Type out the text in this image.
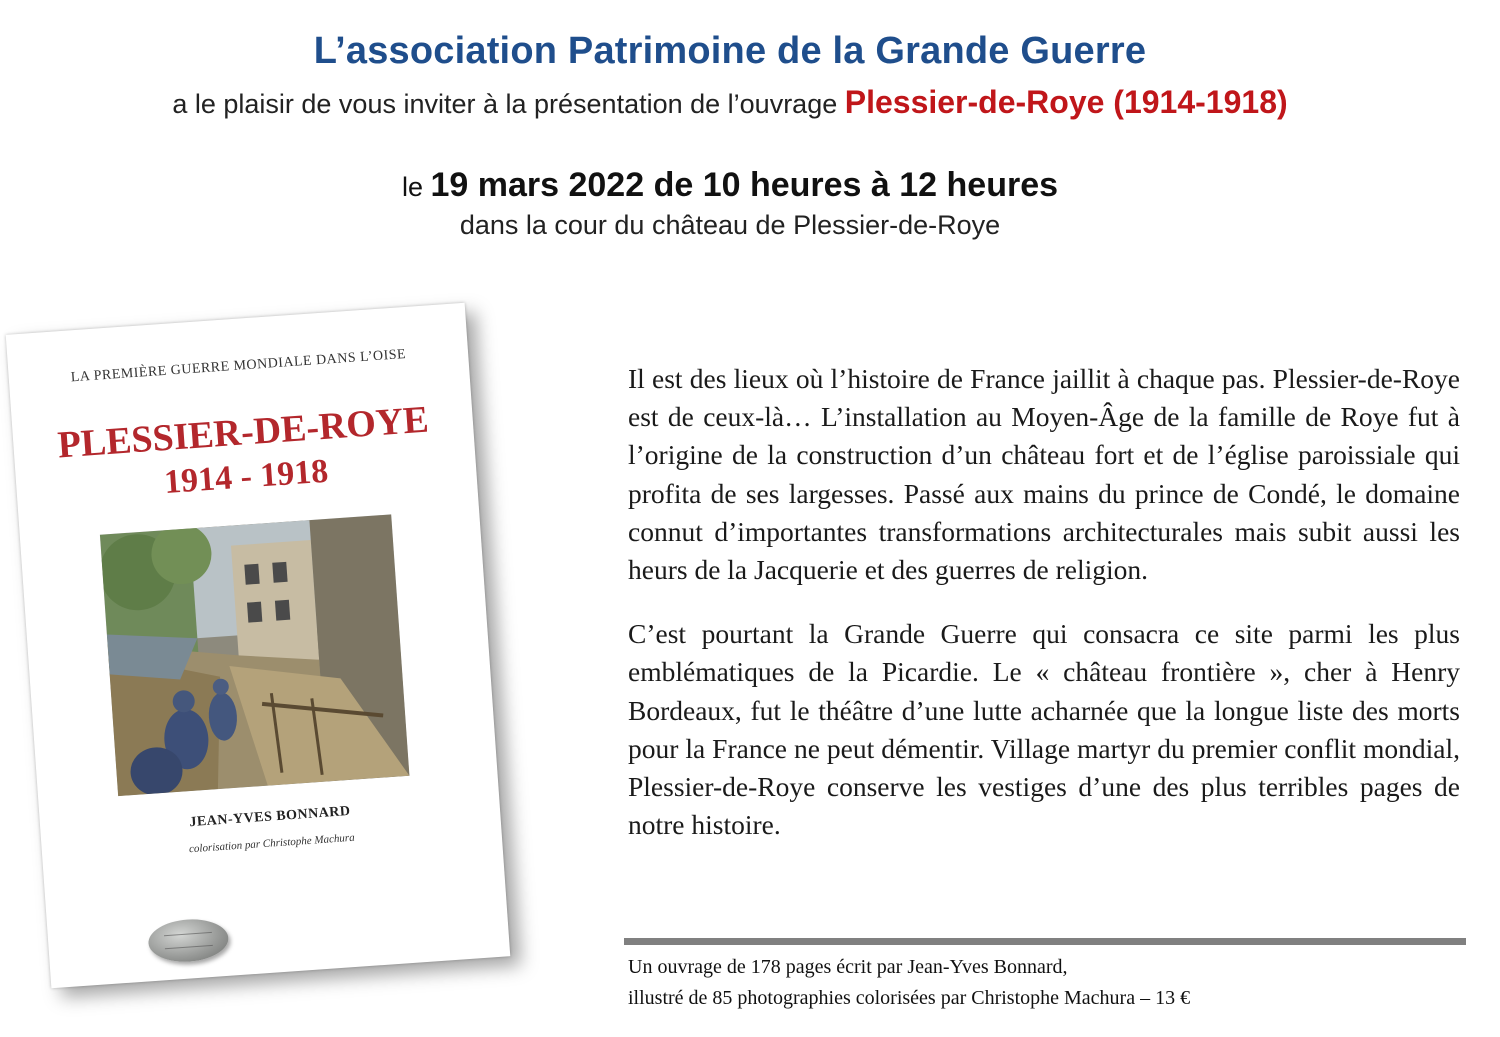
L’association Patrimoine de la Grande Guerre
a le plaisir de vous inviter à la présentation de l’ouvrage Plessier-de-Roye (1914-1918)
le 19 mars 2022 de 10 heures à 12 heures
dans la cour du château de Plessier-de-Roye
LA PREMIÈRE GUERRE MONDIALE DANS L’OISE
PLESSIER-DE-ROYE
1914 - 1918
JEAN-YVES BONNARD
colorisation par Christophe Machura

Il est des lieux où l’histoire de France jaillit à chaque pas. Plessier-de-Roye est de ceux-là… L’installation au Moyen-Âge de la famille de Roye fut à l’origine de la construction d’un château fort et de l’église paroissiale qui profita de ses largesses. Passé aux mains du prince de Condé, le domaine connut d’importantes transformations architecturales mais subit aussi les heurs de la Jacquerie et des guerres de religion.

C’est pourtant la Grande Guerre qui consacra ce site parmi les plus emblématiques de la Picardie. Le « château frontière », cher à Henry Bordeaux, fut le théâtre d’une lutte acharnée que la longue liste des morts pour la France ne peut démentir. Village martyr du premier conflit mondial, Plessier-de-Roye conserve les vestiges d’une des plus terribles pages de notre histoire.

Un ouvrage de 178 pages écrit par Jean-Yves Bonnard,
illustré de 85 photographies colorisées par Christophe Machura – 13 €
